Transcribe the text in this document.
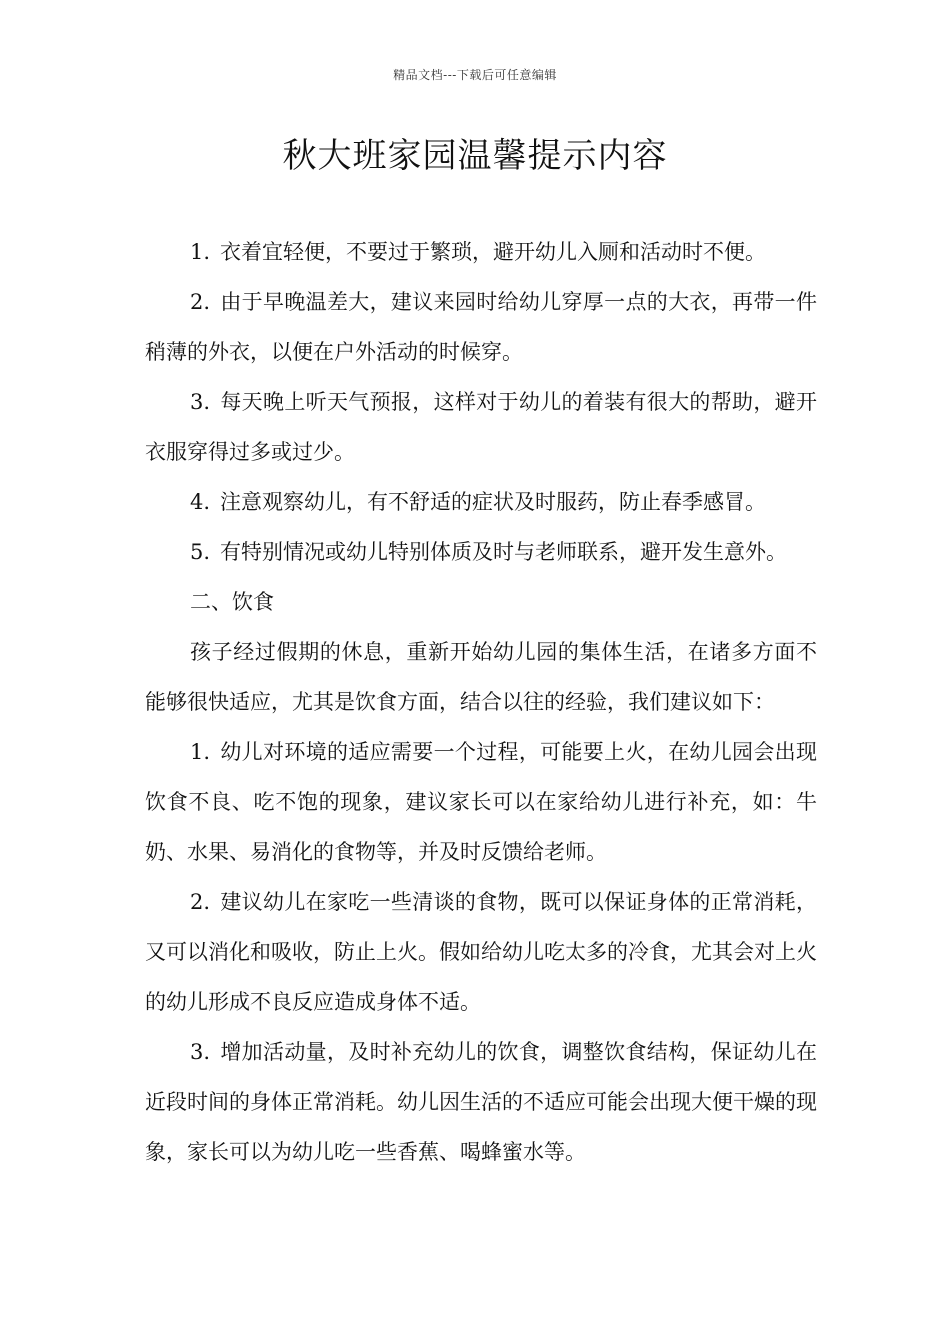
精品文档---下载后可任意编辑
秋大班家园温馨提示内容

1. 衣着宜轻便，不要过于繁琐，避开幼儿入厕和活动时不便。

2. 由于早晚温差大，建议来园时给幼儿穿厚一点的大衣，再带一件稍薄的外衣，以便在户外活动的时候穿。

3. 每天晚上听天气预报，这样对于幼儿的着装有很大的帮助，避开衣服穿得过多或过少。

4. 注意观察幼儿，有不舒适的症状及时服药，防止春季感冒。

5. 有特别情况或幼儿特别体质及时与老师联系，避开发生意外。

二、饮食

孩子经过假期的休息，重新开始幼儿园的集体生活，在诸多方面不能够很快适应，尤其是饮食方面，结合以往的经验，我们建议如下：

1. 幼儿对环境的适应需要一个过程，可能要上火，在幼儿园会出现饮食不良、吃不饱的现象，建议家长可以在家给幼儿进行补充，如：牛奶、水果、易消化的食物等，并及时反馈给老师。

2. 建议幼儿在家吃一些清谈的食物，既可以保证身体的正常消耗，又可以消化和吸收，防止上火。假如给幼儿吃太多的冷食，尤其会对上火的幼儿形成不良反应造成身体不适。

3. 增加活动量，及时补充幼儿的饮食，调整饮食结构，保证幼儿在近段时间的身体正常消耗。幼儿因生活的不适应可能会出现大便干燥的现象，家长可以为幼儿吃一些香蕉、喝蜂蜜水等。
